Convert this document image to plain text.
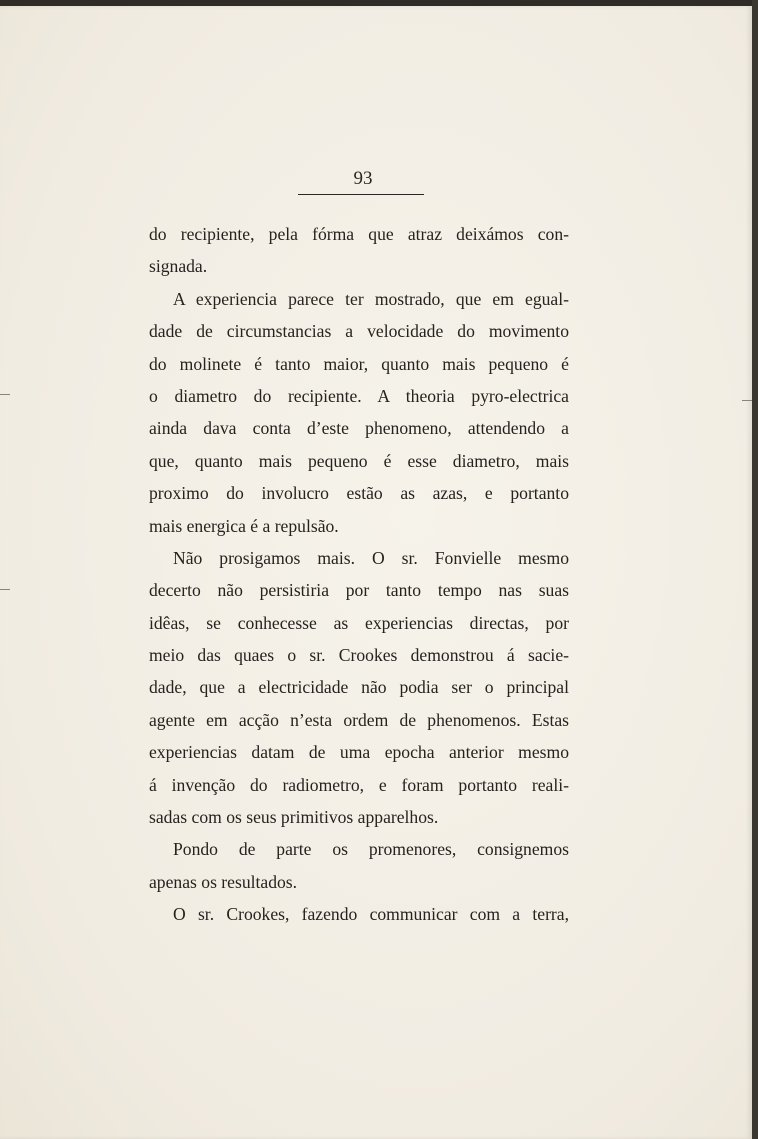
93
do recipiente, pela fórma que atraz deixámos con-
signada.
A experiencia parece ter mostrado, que em egual-
dade de circumstancias a velocidade do movimento
do molinete é tanto maior, quanto mais pequeno é
o diametro do recipiente. A theoria pyro-electrica
ainda dava conta d’este phenomeno, attendendo a
que, quanto mais pequeno é esse diametro, mais
proximo do involucro estão as azas, e portanto
mais energica é a repulsão.
Não prosigamos mais. O sr. Fonvielle mesmo
decerto não persistiria por tanto tempo nas suas
idêas, se conhecesse as experiencias directas, por
meio das quaes o sr. Crookes demonstrou á sacie-
dade, que a electricidade não podia ser o principal
agente em acção n’esta ordem de phenomenos. Estas
experiencias datam de uma epocha anterior mesmo
á invenção do radiometro, e foram portanto reali-
sadas com os seus primitivos apparelhos.
Pondo de parte os promenores, consignemos
apenas os resultados.
O sr. Crookes, fazendo communicar com a terra,
